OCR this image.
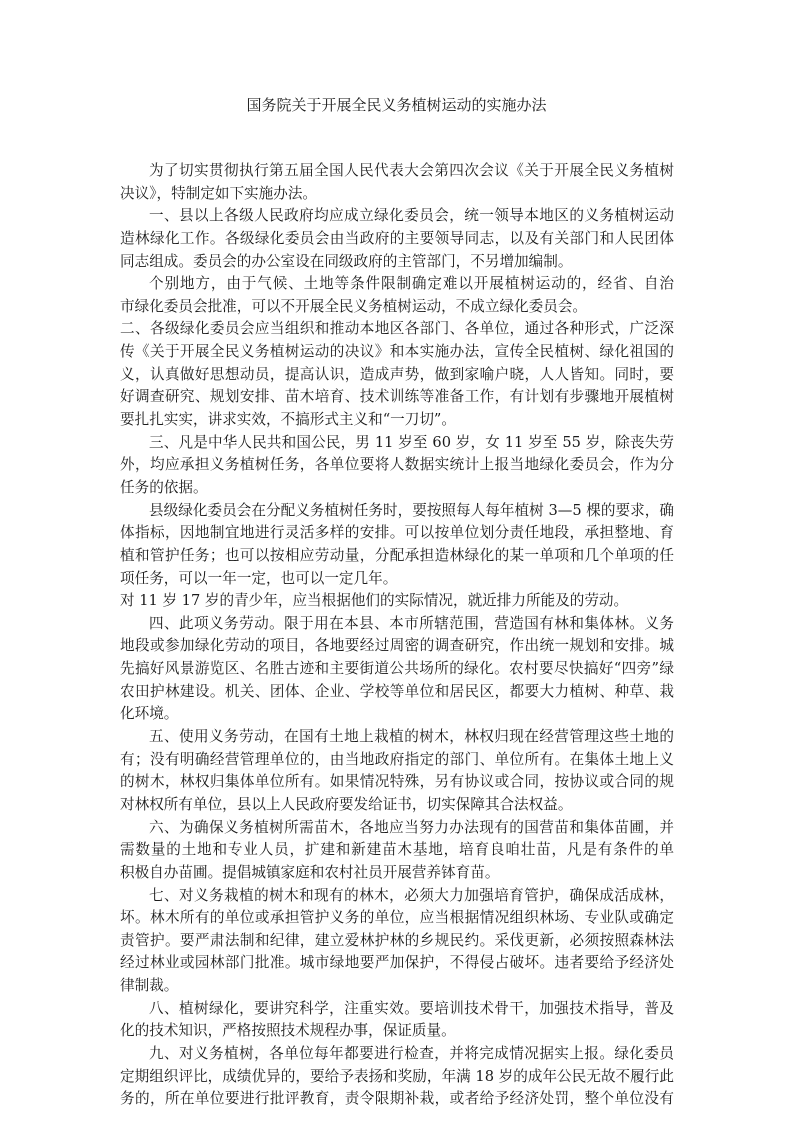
国务院关于开展全民义务植树运动的实施办法
为了切实贯彻执行第五届全国人民代表大会第四次会议《关于开展全民义务植树
决议》，特制定如下实施办法。
一、县以上各级人民政府均应成立绿化委员会，统一领导本地区的义务植树运动
造林绿化工作。各级绿化委员会由当政府的主要领导同志，以及有关部门和人民团体
同志组成。委员会的办公室设在同级政府的主管部门，不另增加编制。
个别地方，由于气候、土地等条件限制确定难以开展植树运动的，经省、自治
市绿化委员会批准，可以不开展全民义务植树运动，不成立绿化委员会。
二、各级绿化委员会应当组织和推动本地区各部门、各单位，通过各种形式，广泛深
传《关于开展全民义务植树运动的决议》和本实施办法，宣传全民植树、绿化祖国的
义，认真做好思想动员，提高认识，造成声势，做到家喻户晓，人人皆知。同时，要
好调查研究、规划安排、苗木培育、技术训练等准备工作，有计划有步骤地开展植树
要扎扎实实，讲求实效，不搞形式主义和“一刀切”。
三、凡是中华人民共和国公民，男 11 岁至 60 岁，女 11 岁至 55 岁，除丧失劳
外，均应承担义务植树任务，各单位要将人数据实统计上报当地绿化委员会，作为分
任务的依据。
县级绿化委员会在分配义务植树任务时，要按照每人每年植树 3—5 棵的要求，确
体指标，因地制宜地进行灵活多样的安排。可以按单位划分责任地段，承担整地、育
植和管护任务；也可以按相应劳动量，分配承担造林绿化的某一单项和几个单项的任
项任务，可以一年一定，也可以一定几年。
对 11 岁 17 岁的青少年，应当根据他们的实际情况，就近排力所能及的劳动。
四、此项义务劳动。限于用在本县、本市所辖范围，营造国有林和集体林。义务
地段或参加绿化劳动的项目，各地要经过周密的调查研究，作出统一规划和安排。城
先搞好风景游览区、名胜古迹和主要街道公共场所的绿化。农村要尽快搞好“四旁”绿
农田护林建设。机关、团体、企业、学校等单位和居民区，都要大力植树、种草、栽
化环境。
五、使用义务劳动，在国有土地上栽植的树木，林权归现在经营管理这些土地的
有；没有明确经营管理单位的，由当地政府指定的部门、单位所有。在集体土地上义
的树木，林权归集体单位所有。如果情况特殊，另有协议或合同，按协议或合同的规
对林权所有单位，县以上人民政府要发给证书，切实保障其合法权益。
六、为确保义务植树所需苗木，各地应当努力办法现有的国营苗和集体苗圃，并
需数量的土地和专业人员，扩建和新建苗木基地，培育良咱壮苗，凡是有条件的单
积极自办苗圃。提倡城镇家庭和农村社员开展营养钵育苗。
七、对义务栽植的树木和现有的林木，必须大力加强培育管护，确保成活成林，
坏。林木所有的单位或承担管护义务的单位，应当根据情况组织林场、专业队或确定
责管护。要严肃法制和纪律，建立爱林护林的乡规民约。采伐更新，必须按照森林法
经过林业或园林部门批准。城市绿地要严加保护，不得侵占破坏。违者要给予经济处
律制裁。
八、植树绿化，要讲究科学，注重实效。要培训技术骨干，加强技术指导，普及
化的技术知识，严格按照技术规程办事，保证质量。
九、对义务植树，各单位每年都要进行检查，并将完成情况据实上报。绿化委员
定期组织评比，成绩优异的，要给予表扬和奖励，年满 18 岁的成年公民无故不履行此
务的，所在单位要进行批评教育，责令限期补栽，或者给予经济处罚，整个单位没有
